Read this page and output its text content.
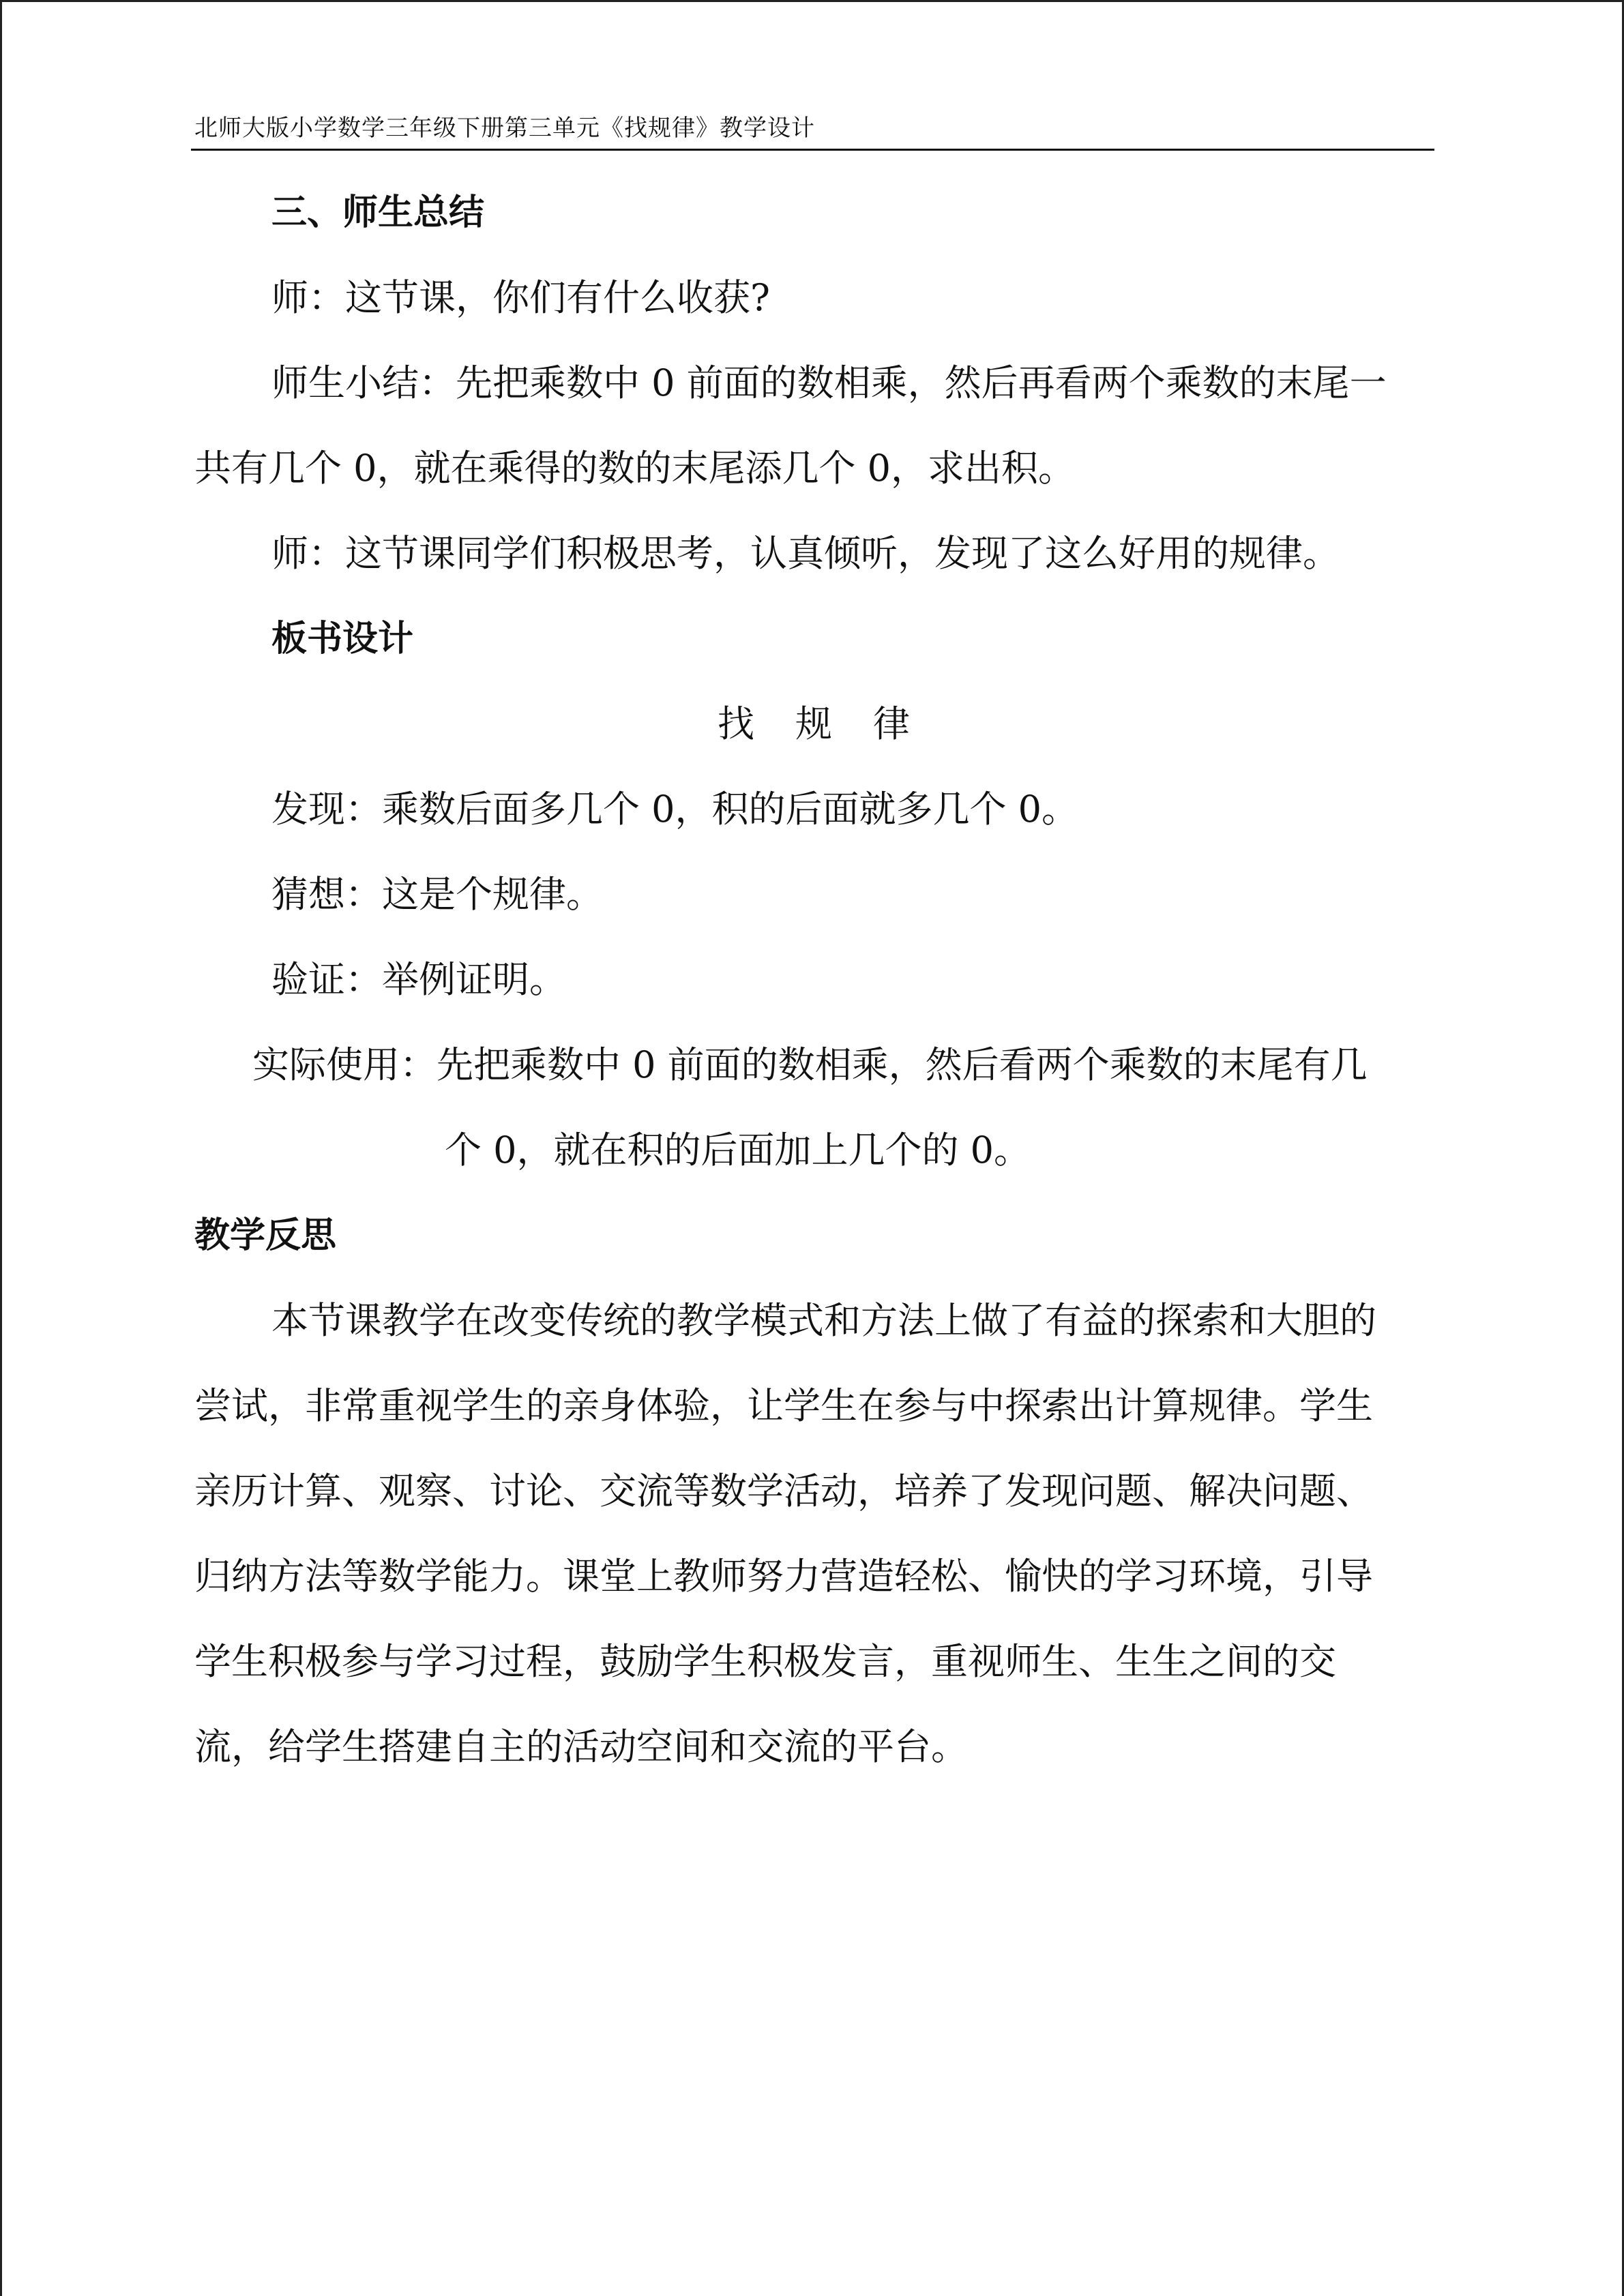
北师大版小学数学三年级下册第三单元《找规律》教学设计
三、师生总结
师：这节课，你们有什么收获?
师生小结：先把乘数中 0 前面的数相乘，然后再看两个乘数的末尾一
共有几个 0，就在乘得的数的末尾添几个 0，求出积。
师：这节课同学们积极思考，认真倾听，发现了这么好用的规律。
板书设计
找规律
发现：乘数后面多几个 0，积的后面就多几个 0。
猜想：这是个规律。
验证：举例证明。
实际使用：先把乘数中 0 前面的数相乘，然后看两个乘数的末尾有几
个 0，就在积的后面加上几个的 0。
教学反思
本节课教学在改变传统的教学模式和方法上做了有益的探索和大胆的
尝试，非常重视学生的亲身体验，让学生在参与中探索出计算规律。学生
亲历计算、观察、讨论、交流等数学活动，培养了发现问题、解决问题、
归纳方法等数学能力。课堂上教师努力营造轻松、愉快的学习环境，引导
学生积极参与学习过程，鼓励学生积极发言，重视师生、生生之间的交
流，给学生搭建自主的活动空间和交流的平台。
